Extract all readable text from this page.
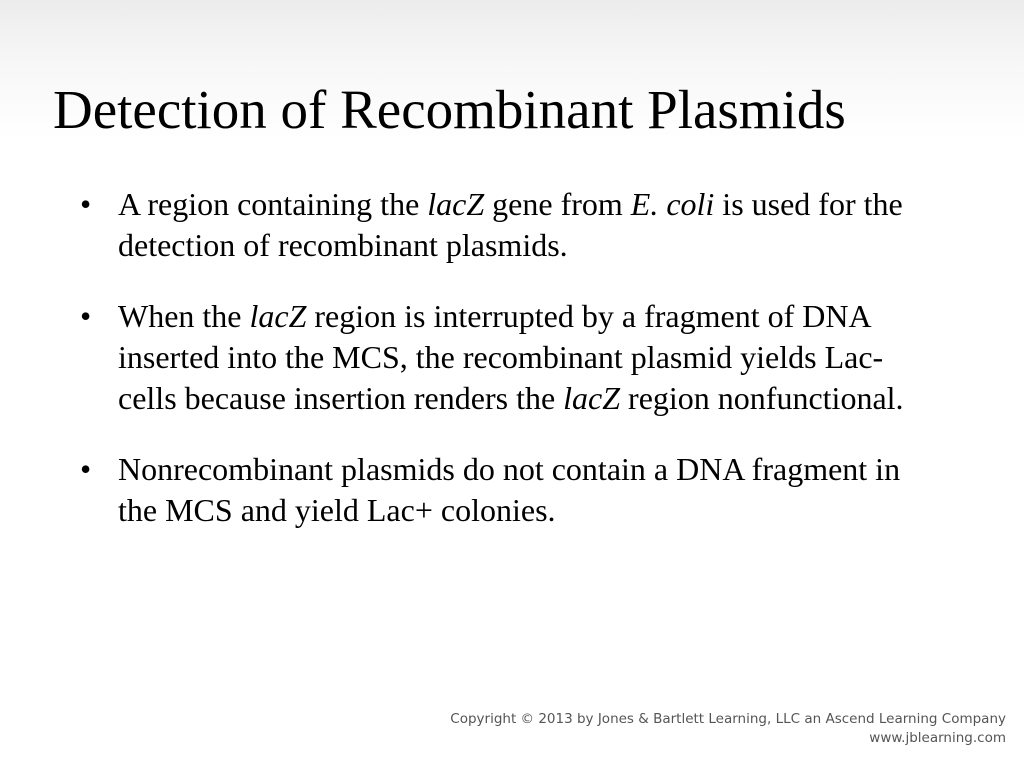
Detection of Recombinant Plasmids
• A region containing the lacZ gene from E. coli is used for the detection of recombinant plasmids.
• When the lacZ region is interrupted by a fragment of DNA inserted into the MCS, the recombinant plasmid yields Lac-cells because insertion renders the lacZ region nonfunctional.
• Nonrecombinant plasmids do not contain a DNA fragment in the MCS and yield Lac+ colonies.
Copyright © 2013 by Jones & Bartlett Learning, LLC an Ascend Learning Company
www.jblearning.com
